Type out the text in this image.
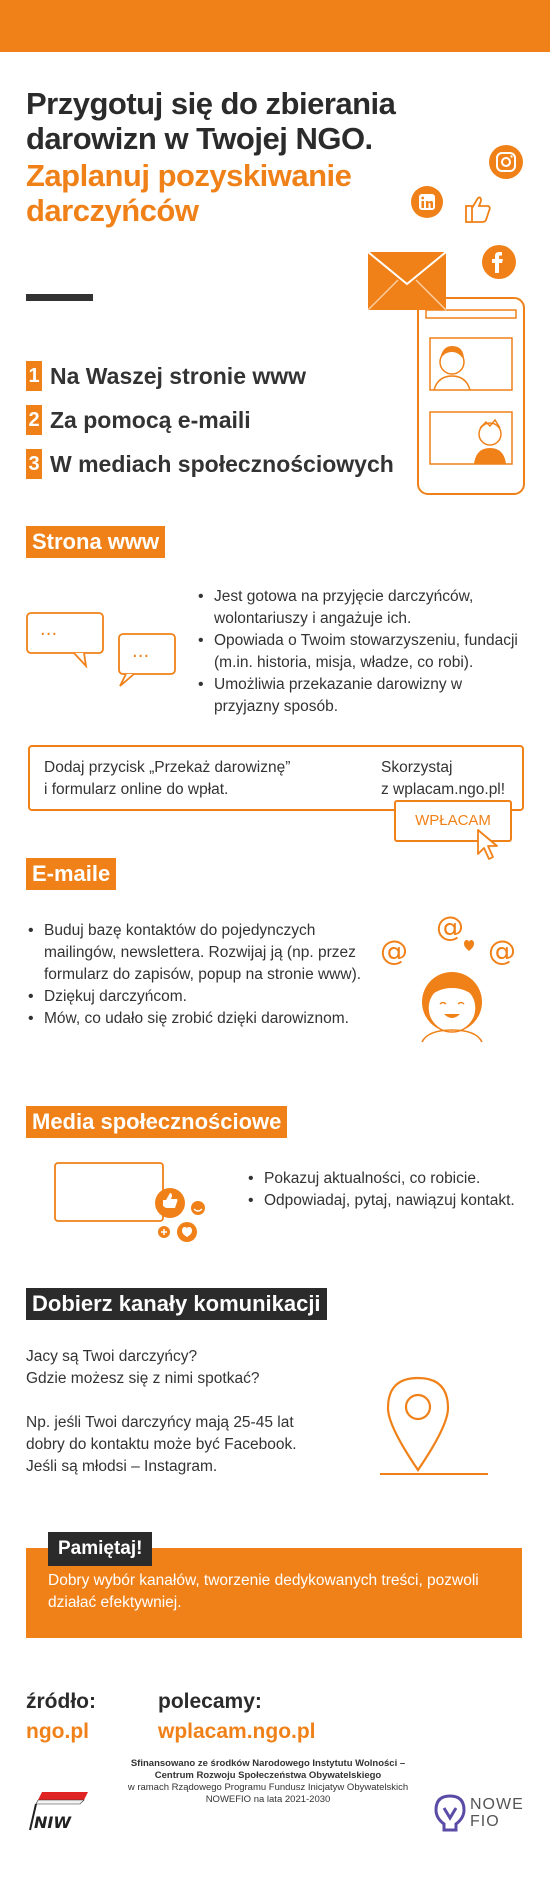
Przygotuj się do zbierania
darowizn w Twojej NGO.
Zaplanuj pozyskiwanie
darczyńców
1 Na Waszej stronie www
2 Za pomocą e-maili
3 W mediach społecznościowych
Strona www
···
···
• Jest gotowa na przyjęcie darczyńców, wolontariuszy i angażuje ich.
• Opowiada o Twoim stowarzyszeniu, fundacji (m.in. historia, misja, władze, co robi).
• Umożliwia przekazanie darowizny w przyjazny sposób.
Dodaj przycisk „Przekaż darowiznę”
i formularz online do wpłat.
Skorzystaj
z wplacam.ngo.pl!
WPŁACAM
E-maile
• Buduj bazę kontaktów do pojedynczych mailingów, newslettera. Rozwijaj ją (np. przez formularz do zapisów, popup na stronie www).
• Dziękuj darczyńcom.
• Mów, co udało się zrobić dzięki darowiznom.
@
@
@
Media społecznościowe
• Pokazuj aktualności, co robicie.
• Odpowiadaj, pytaj, nawiązuj kontakt.
Dobierz kanały komunikacji
Jacy są Twoi darczyńcy?
Gdzie możesz się z nimi spotkać?
Np. jeśli Twoi darczyńcy mają 25-45 lat
dobry do kontaktu może być Facebook.
Jeśli są młodsi – Instagram.
Pamiętaj!
Dobry wybór kanałów, tworzenie dedykowanych treści, pozwoli działać efektywniej.
źródło:
ngo.pl
polecamy:
wplacam.ngo.pl
NIW
Sfinansowano ze środków Narodowego Instytutu Wolności –
Centrum Rozwoju Społeczeństwa Obywatelskiego
w ramach Rządowego Programu Fundusz Inicjatyw Obywatelskich
NOWEFIO na lata 2021-2030	NOWE
FIO
